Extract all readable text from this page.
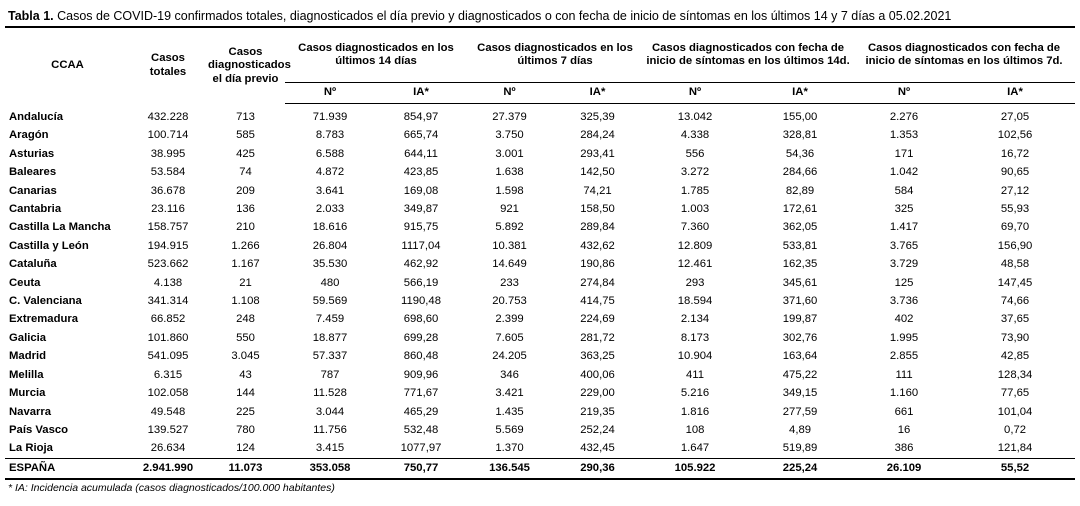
Tabla 1. Casos de COVID-19 confirmados totales, diagnosticados el día previo y diagnosticados o con fecha de inicio de síntomas en los últimos 14 y 7 días a 05.02.2021
CCAA	Casos totales	Casos diagnosticados el día previo	Casos diagnosticados en los últimos 14 días		Casos diagnosticados en los últimos 7 días		Casos diagnosticados con fecha de inicio de síntomas en los últimos 14d.		Casos diagnosticados con fecha de inicio de síntomas en los últimos 7d.	
			Nº	IA*	Nº	IA*	Nº	IA*	Nº	IA*
Andalucía	432.228	713	71.939	854,97	27.379	325,39	13.042	155,00	2.276	27,05
Aragón	100.714	585	8.783	665,74	3.750	284,24	4.338	328,81	1.353	102,56
Asturias	38.995	425	6.588	644,11	3.001	293,41	556	54,36	171	16,72
Baleares	53.584	74	4.872	423,85	1.638	142,50	3.272	284,66	1.042	90,65
Canarias	36.678	209	3.641	169,08	1.598	74,21	1.785	82,89	584	27,12
Cantabria	23.116	136	2.033	349,87	921	158,50	1.003	172,61	325	55,93
Castilla La Mancha	158.757	210	18.616	915,75	5.892	289,84	7.360	362,05	1.417	69,70
Castilla y León	194.915	1.266	26.804	1117,04	10.381	432,62	12.809	533,81	3.765	156,90
Cataluña	523.662	1.167	35.530	462,92	14.649	190,86	12.461	162,35	3.729	48,58
Ceuta	4.138	21	480	566,19	233	274,84	293	345,61	125	147,45
C. Valenciana	341.314	1.108	59.569	1190,48	20.753	414,75	18.594	371,60	3.736	74,66
Extremadura	66.852	248	7.459	698,60	2.399	224,69	2.134	199,87	402	37,65
Galicia	101.860	550	18.877	699,28	7.605	281,72	8.173	302,76	1.995	73,90
Madrid	541.095	3.045	57.337	860,48	24.205	363,25	10.904	163,64	2.855	42,85
Melilla	6.315	43	787	909,96	346	400,06	411	475,22	111	128,34
Murcia	102.058	144	11.528	771,67	3.421	229,00	5.216	349,15	1.160	77,65
Navarra	49.548	225	3.044	465,29	1.435	219,35	1.816	277,59	661	101,04
País Vasco	139.527	780	11.756	532,48	5.569	252,24	108	4,89	16	0,72
La Rioja	26.634	124	3.415	1077,97	1.370	432,45	1.647	519,89	386	121,84
ESPAÑA	2.941.990	11.073	353.058	750,77	136.545	290,36	105.922	225,24	26.109	55,52
* IA: Incidencia acumulada (casos diagnosticados/100.000 habitantes)
